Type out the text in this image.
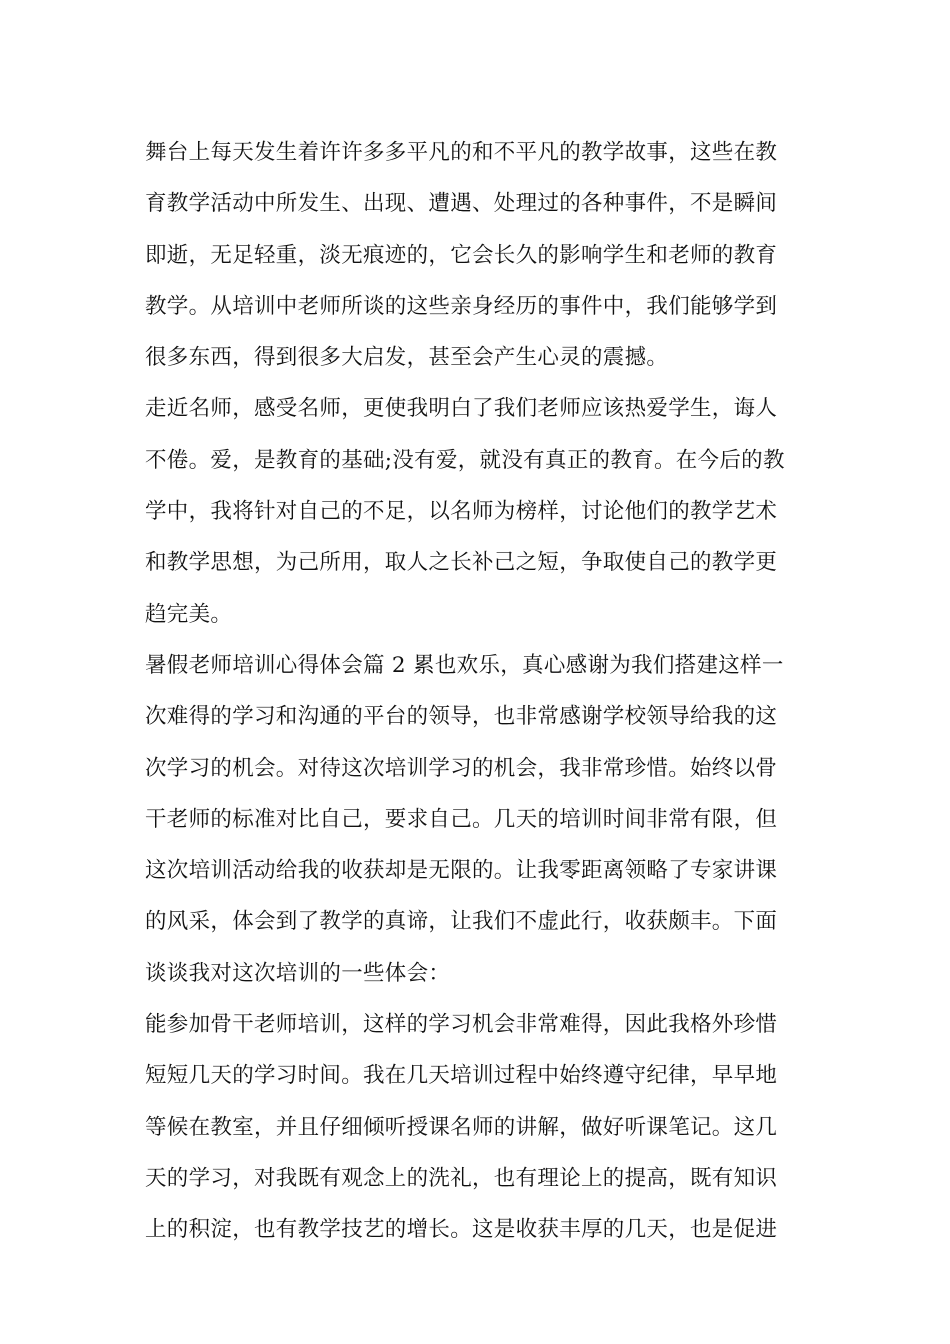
舞台上每天发生着许许多多平凡的和不平凡的教学故事，这些在教
育教学活动中所发生、出现、遭遇、处理过的各种事件，不是瞬间
即逝，无足轻重，淡无痕迹的，它会长久的影响学生和老师的教育
教学。从培训中老师所谈的这些亲身经历的事件中，我们能够学到
很多东西，得到很多大启发，甚至会产生心灵的震撼。
走近名师，感受名师，更使我明白了我们老师应该热爱学生，诲人
不倦。爱，是教育的基础;没有爱，就没有真正的教育。在今后的教
学中，我将针对自己的不足，以名师为榜样，讨论他们的教学艺术
和教学思想，为己所用，取人之长补己之短，争取使自己的教学更
趋完美。
暑假老师培训心得体会篇 2 累也欢乐，真心感谢为我们搭建这样一
次难得的学习和沟通的平台的领导，也非常感谢学校领导给我的这
次学习的机会。对待这次培训学习的机会，我非常珍惜。始终以骨
干老师的标准对比自己，要求自己。几天的培训时间非常有限，但
这次培训活动给我的收获却是无限的。让我零距离领略了专家讲课
的风采，体会到了教学的真谛，让我们不虚此行，收获颇丰。下面
谈谈我对这次培训的一些体会：
能参加骨干老师培训，这样的学习机会非常难得，因此我格外珍惜
短短几天的学习时间。我在几天培训过程中始终遵守纪律，早早地
等候在教室，并且仔细倾听授课名师的讲解，做好听课笔记。这几
天的学习，对我既有观念上的洗礼，也有理论上的提高，既有知识
上的积淀，也有教学技艺的增长。这是收获丰厚的几天，也是促进
